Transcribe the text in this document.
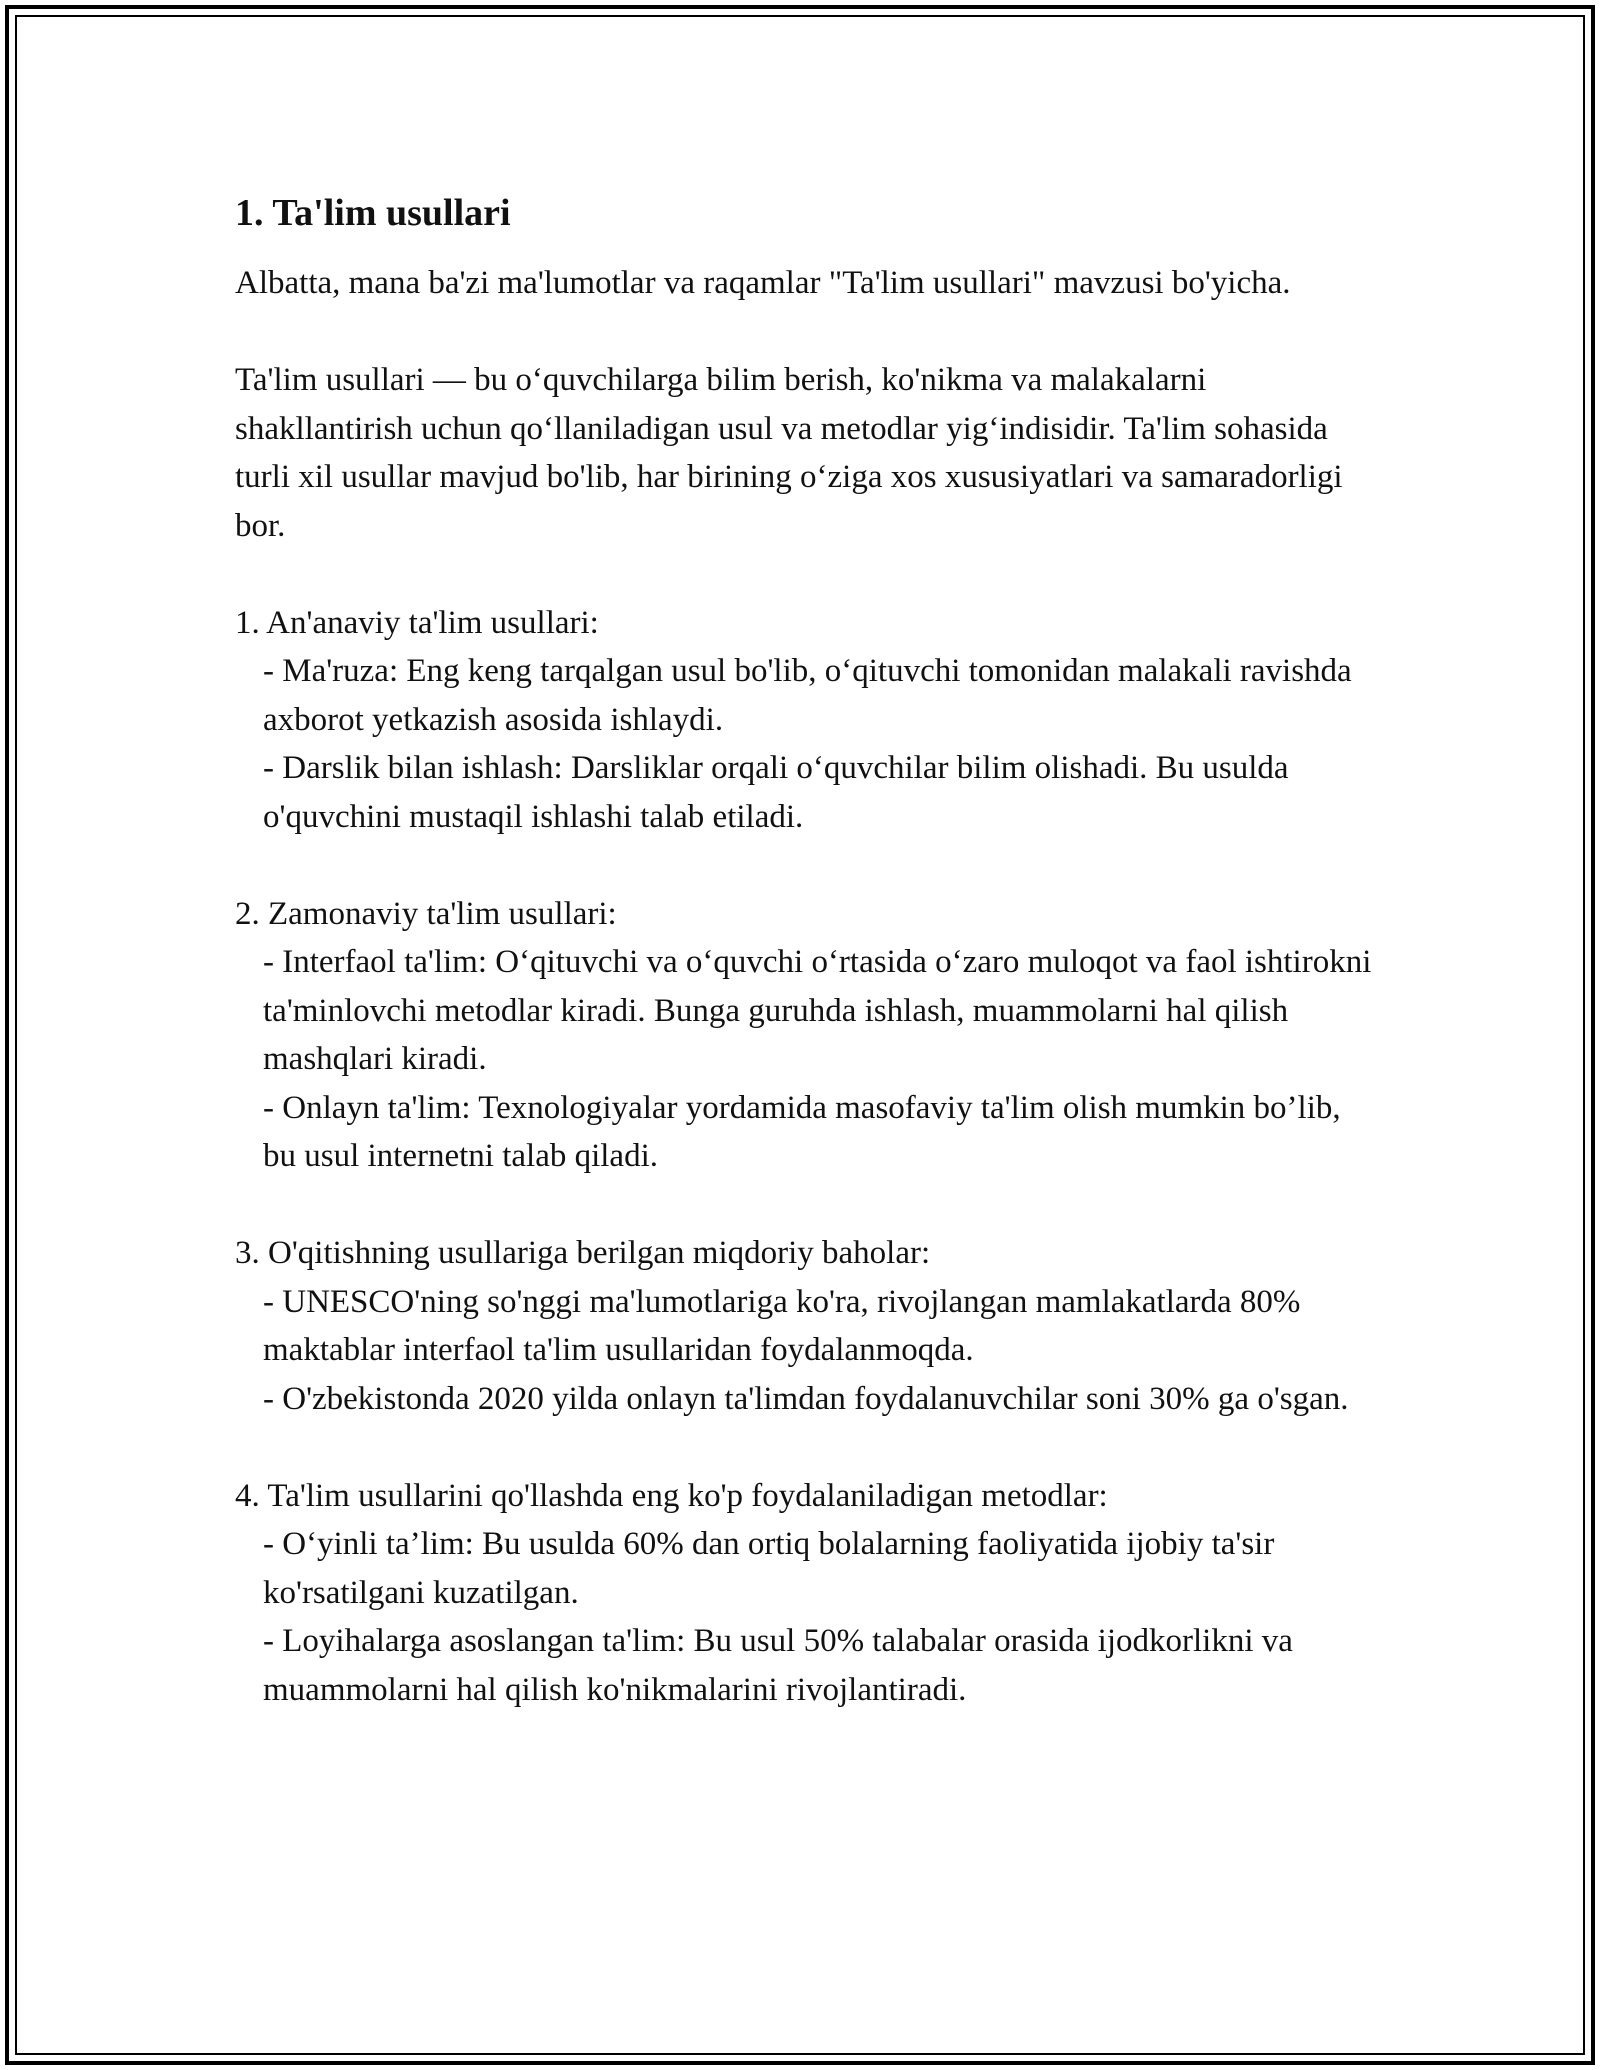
1. Ta'lim usullari
Albatta, mana ba'zi ma'lumotlar va raqamlar "Ta'lim usullari" mavzusi bo'yicha.
Ta'lim usullari — bu o‘quvchilarga bilim berish, ko'nikma va malakalarni shakllantirish uchun qo‘llaniladigan usul va metodlar yig‘indisidir. Ta'lim sohasida turli xil usullar mavjud bo'lib, har birining o‘ziga xos xususiyatlari va samaradorligi bor.
1. An'anaviy ta'lim usullari:
- Ma'ruza: Eng keng tarqalgan usul bo'lib, o‘qituvchi tomonidan malakali ravishda axborot yetkazish asosida ishlaydi.
- Darslik bilan ishlash: Darsliklar orqali o‘quvchilar bilim olishadi. Bu usulda o'quvchini mustaqil ishlashi talab etiladi.
2. Zamonaviy ta'lim usullari:
- Interfaol ta'lim: O‘qituvchi va o‘quvchi o‘rtasida o‘zaro muloqot va faol ishtirokni ta'minlovchi metodlar kiradi. Bunga guruhda ishlash, muammolarni hal qilish mashqlari kiradi.
- Onlayn ta'lim: Texnologiyalar yordamida masofaviy ta'lim olish mumkin bo’lib, bu usul internetni talab qiladi.
3. O'qitishning usullariga berilgan miqdoriy baholar:
- UNESCO'ning so'nggi ma'lumotlariga ko'ra, rivojlangan mamlakatlarda 80% maktablar interfaol ta'lim usullaridan foydalanmoqda.
- O'zbekistonda 2020 yilda onlayn ta'limdan foydalanuvchilar soni 30% ga o'sgan.
4. Ta'lim usullarini qo'llashda eng ko'p foydalaniladigan metodlar:
- O‘yinli ta’lim: Bu usulda 60% dan ortiq bolalarning faoliyatida ijobiy ta'sir ko'rsatilgani kuzatilgan.
- Loyihalarga asoslangan ta'lim: Bu usul 50% talabalar orasida ijodkorlikni va muammolarni hal qilish ko'nikmalarini rivojlantiradi.
